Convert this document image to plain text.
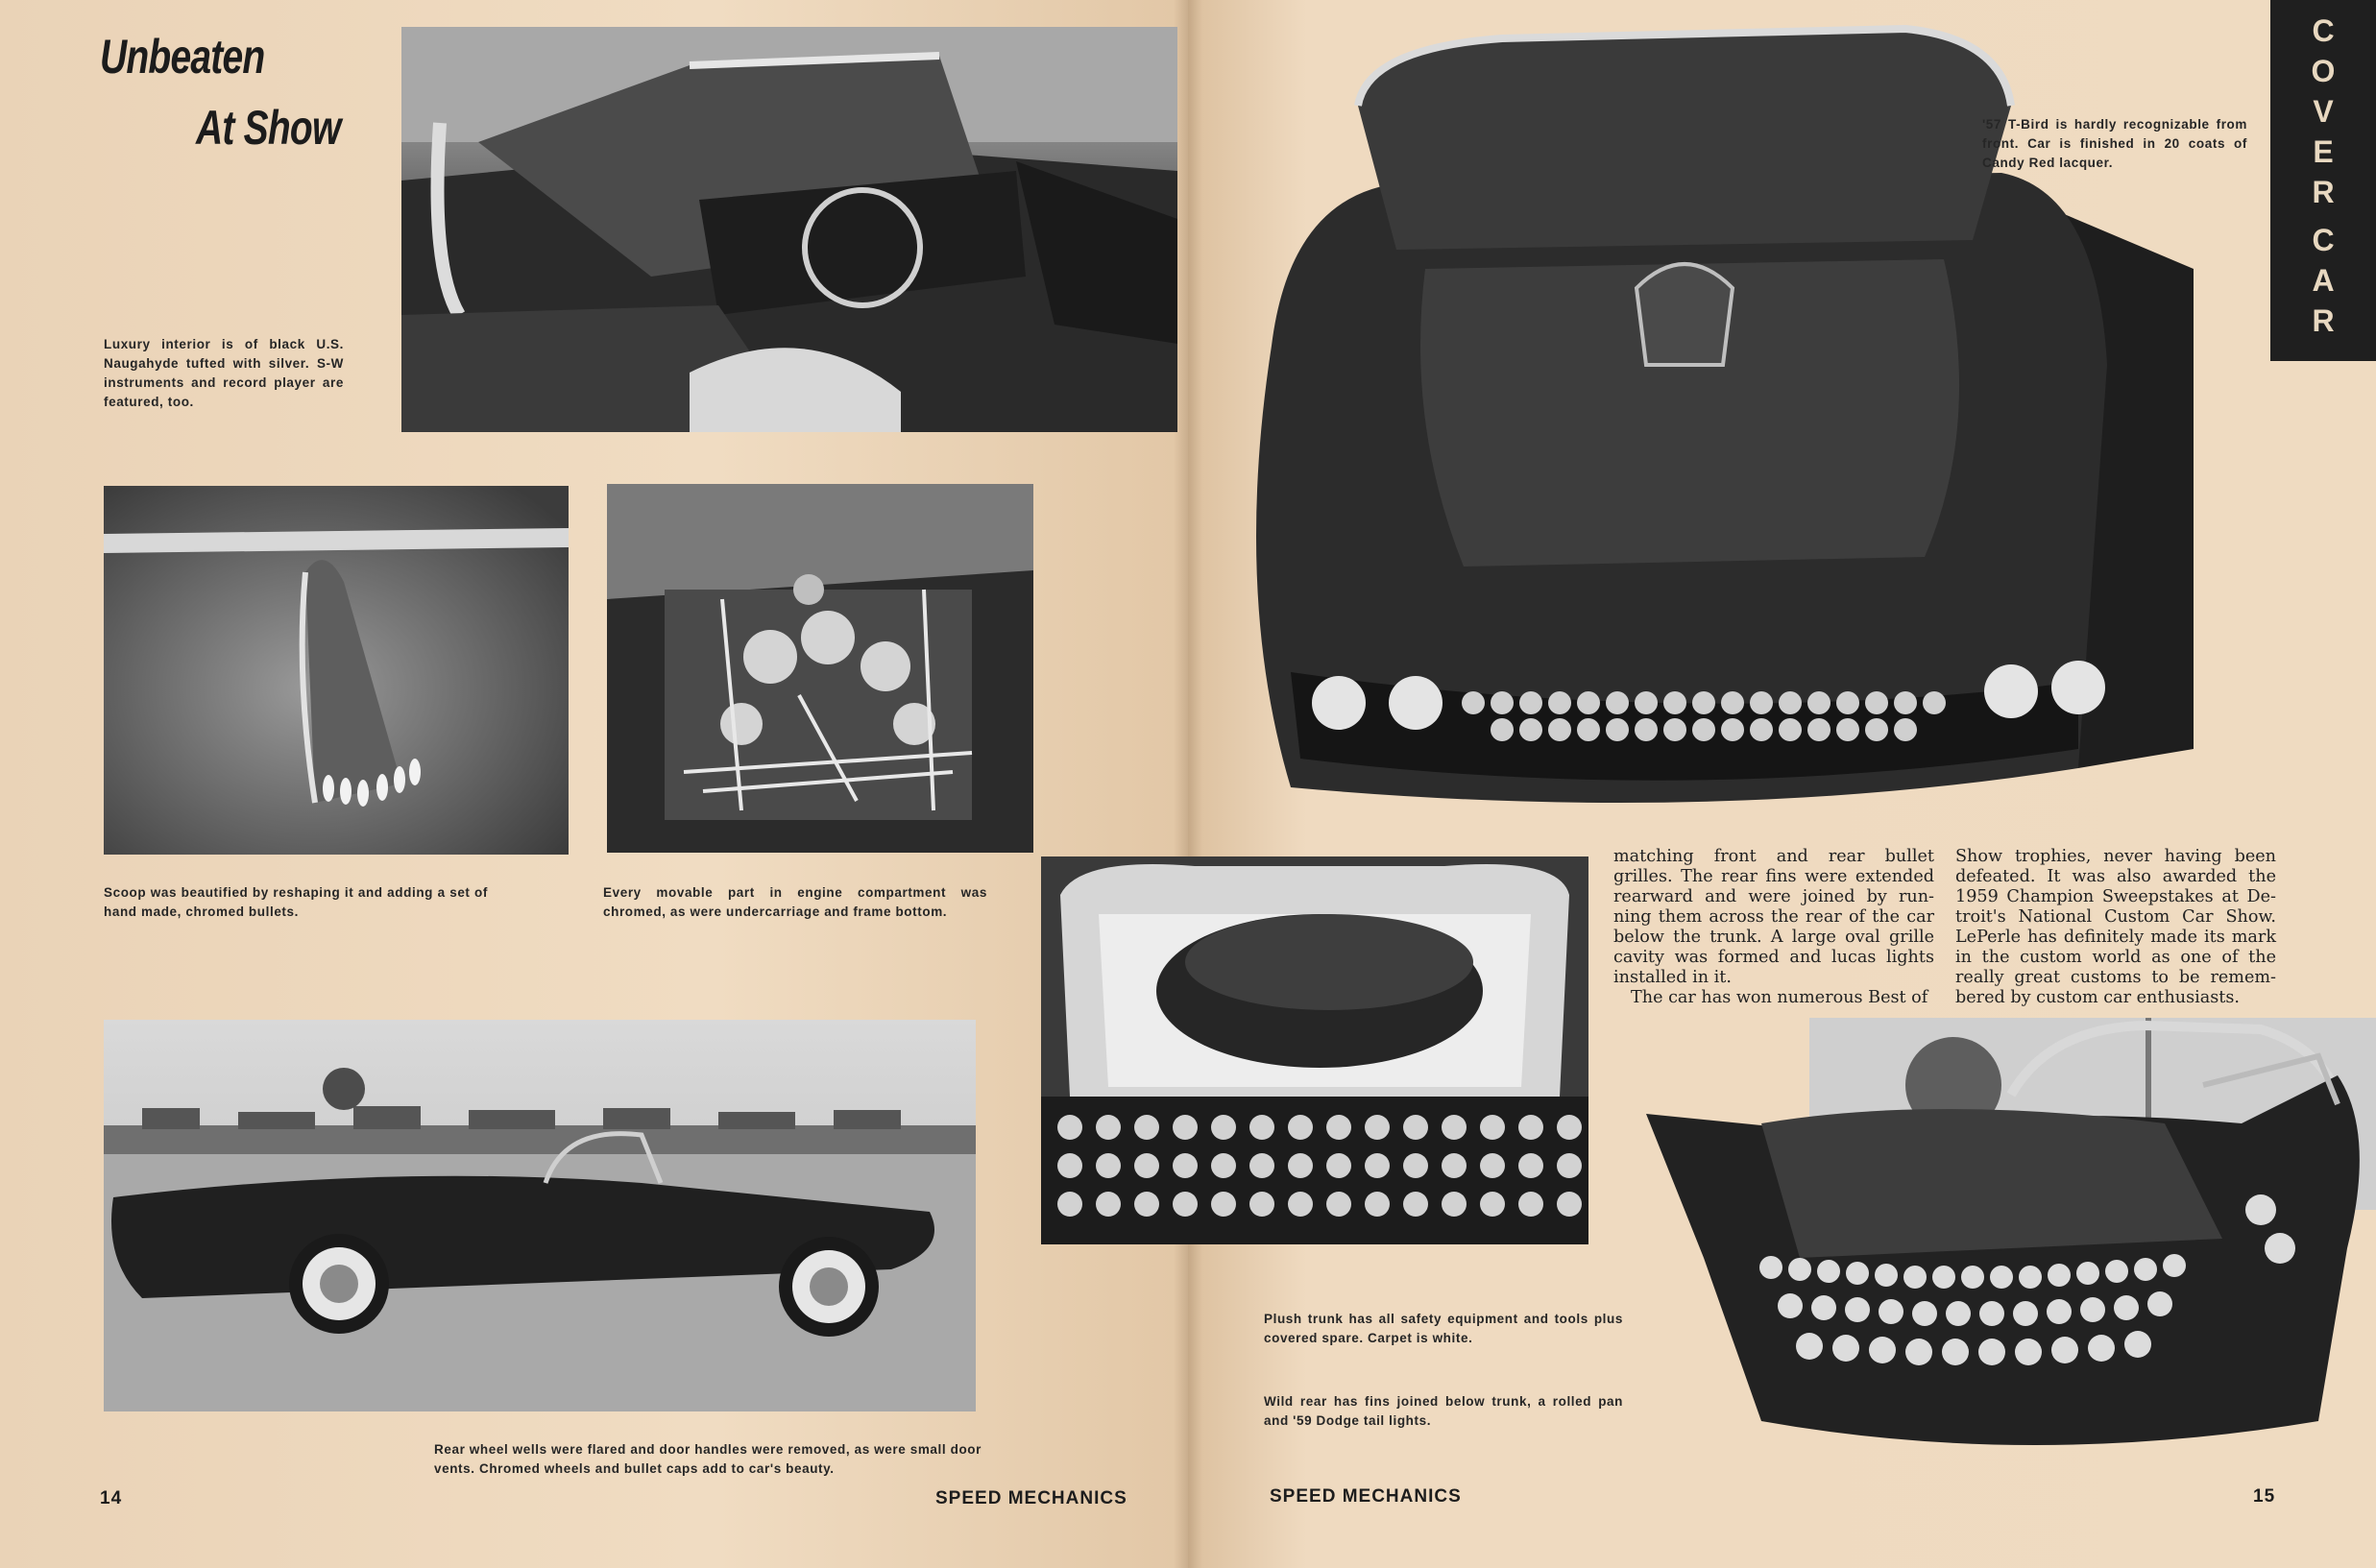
Unbeaten
At Show
Luxury interior is of black U.S. Naugahyde tufted with silver. S-W instruments and record player are featured, too.
Scoop was beautified by reshaping it and adding a set of hand made, chromed bullets.
Every movable part in engine compartment was chromed, as were undercarriage and frame bottom.
Rear wheel wells were flared and door handles were removed, as were small door vents. Chromed wheels and bullet caps add to car's beauty.
14	SPEED MECHANICS
C
O
V
E
R
C
A
R
'57 T-Bird is hardly recognizable from front. Car is finished in 20 coats of Candy Red lacquer.
Plush trunk has all safety equipment and tools plus covered spare. Carpet is white.
Wild rear has fins joined below trunk, a rolled pan and '59 Dodge tail lights.

matching front and rear bullet grilles. The rear fins were extended rearward and were joined by run-ning them across the rear of the car below the trunk. A large oval grille cavity was formed and lucas lights installed in it.

The car has won numerous Best of

Show trophies, never having been defeated. It was also awarded the 1959 Champion Sweepstakes at De-troit's National Custom Car Show. LePerle has definitely made its mark in the custom world as one of the really great customs to be remem-bered by custom car enthusiasts.

SPEED MECHANICS	15
